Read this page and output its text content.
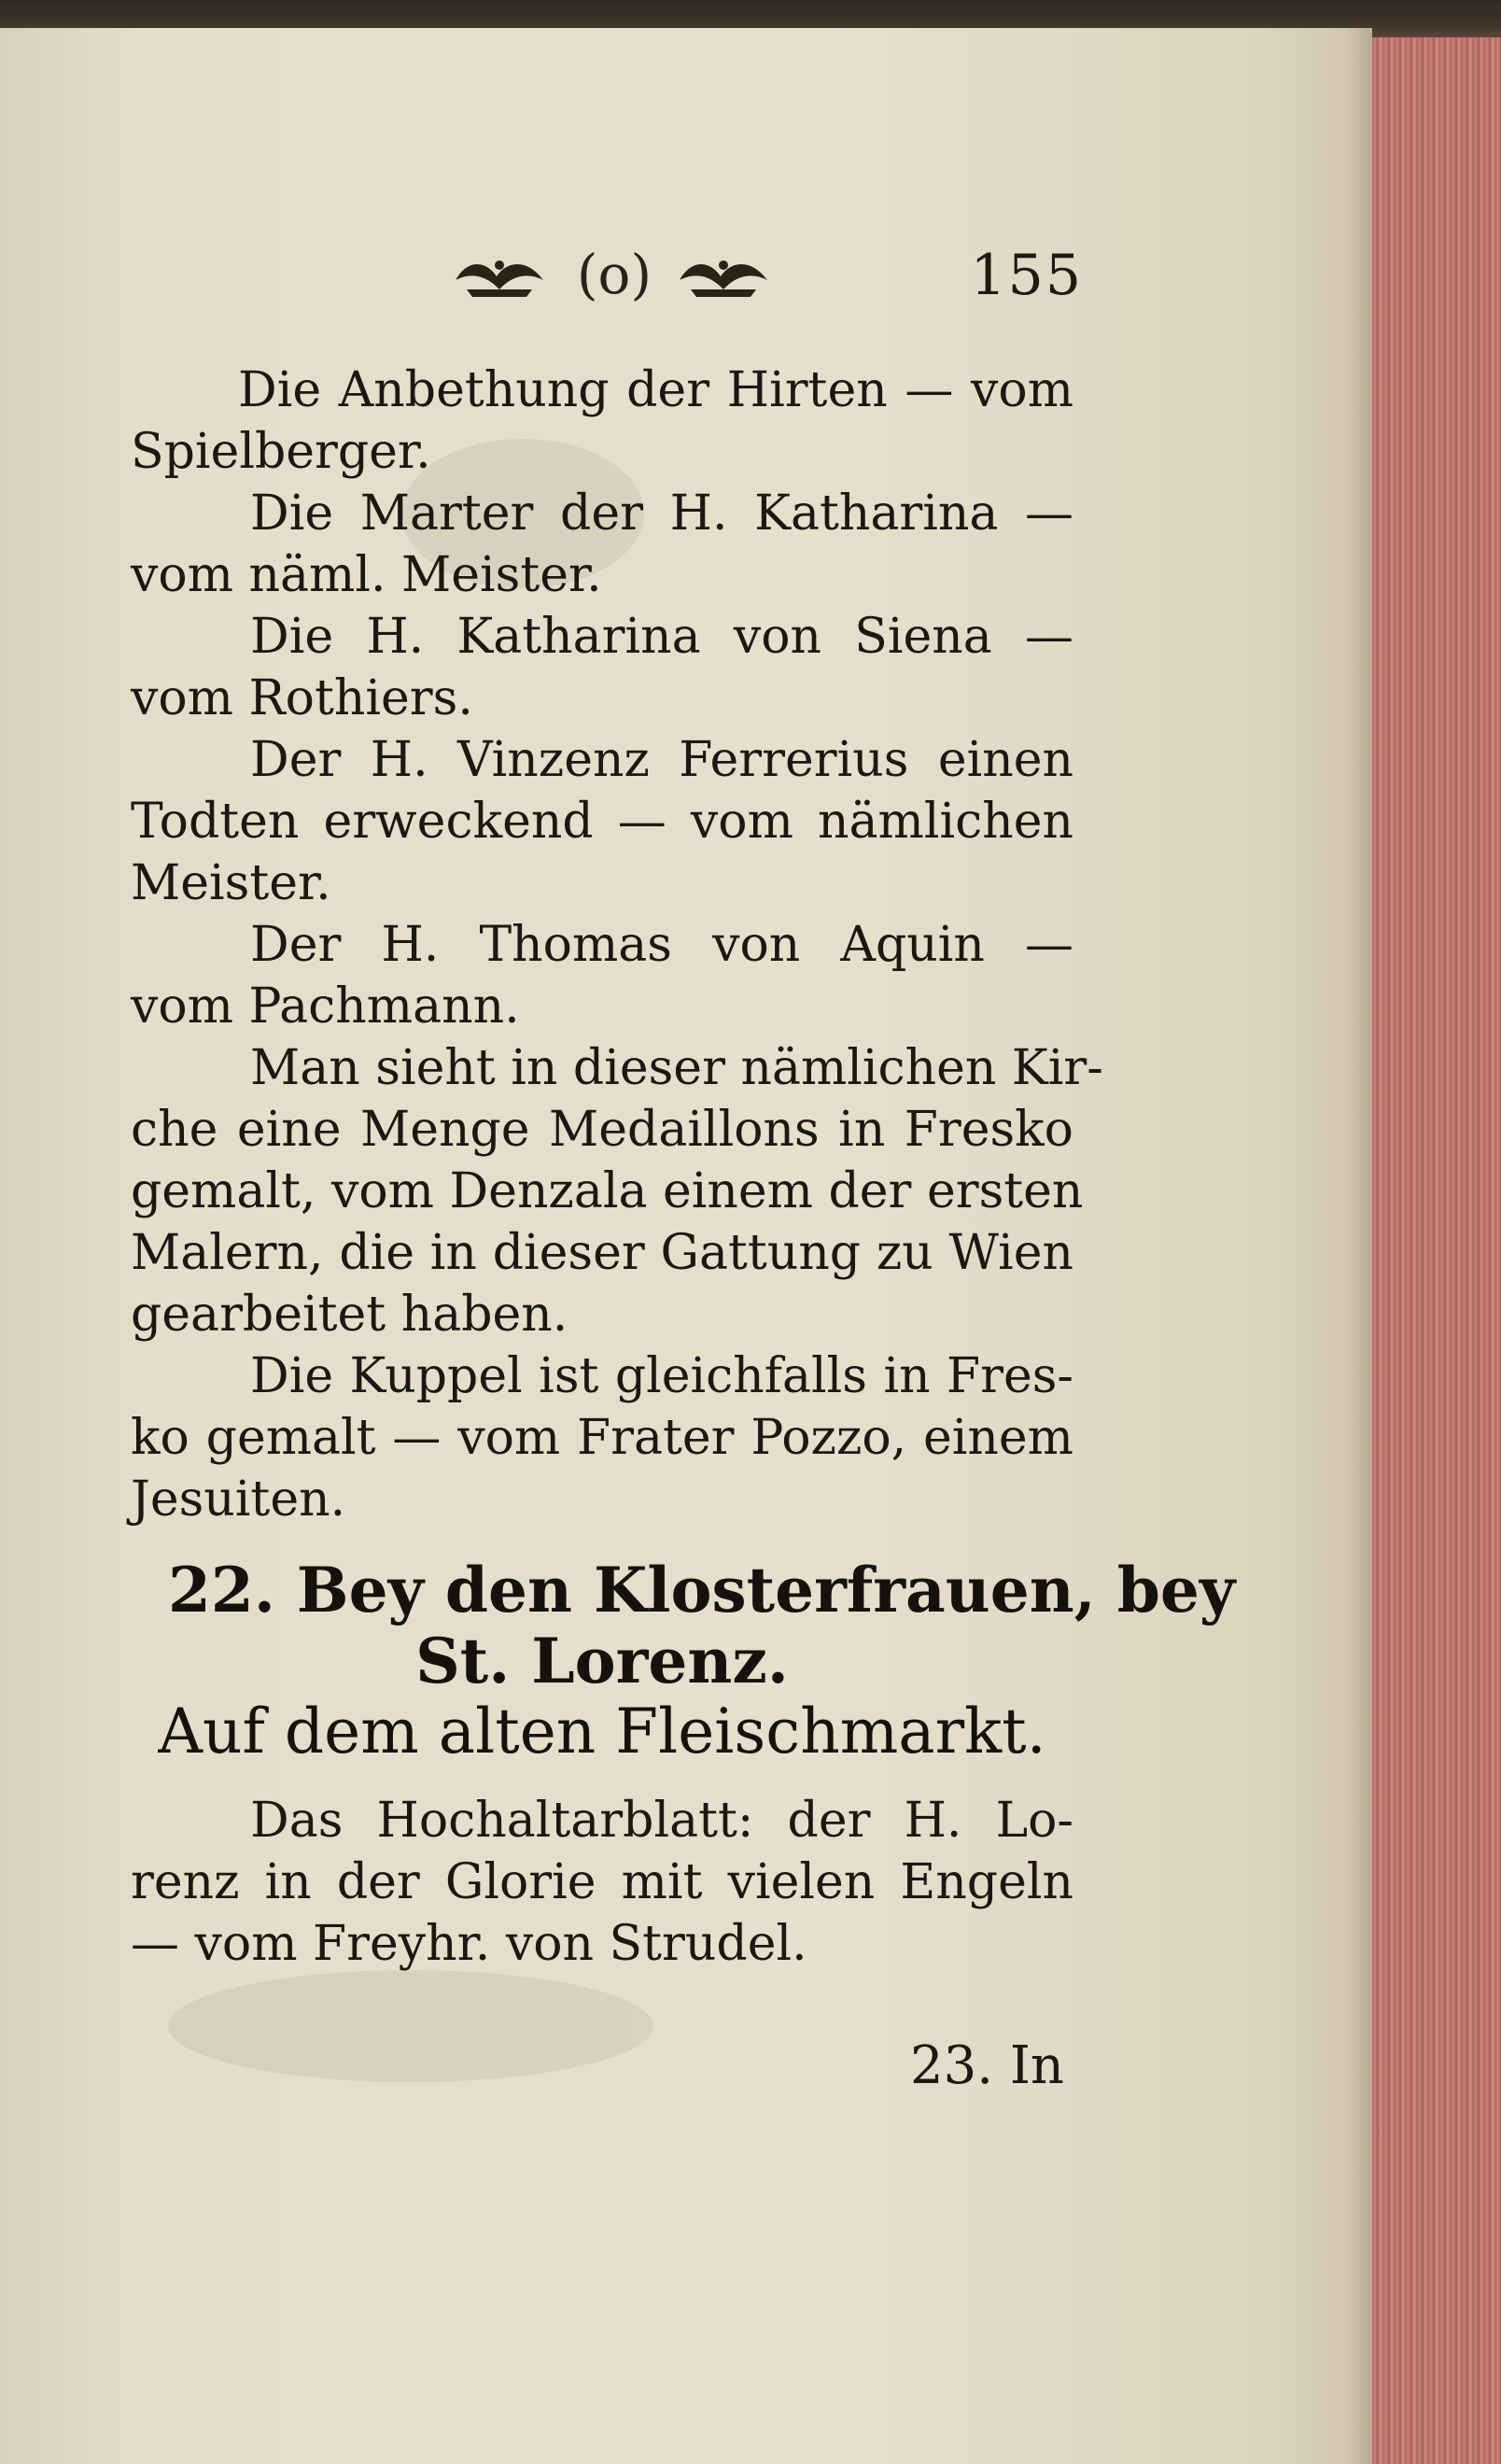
(o)	155
Die Anbethung der Hirten — vom
Spielberger.
Die Marter der H. Katharina —
vom näml. Meister.
Die H. Katharina von Siena —
vom Rothiers.
Der H. Vinzenz Ferrerius einen
Todten erweckend — vom nämlichen
Meister.
Der H. Thomas von Aquin —
vom Pachmann.
Man sieht in dieser nämlichen Kir-
che eine Menge Medaillons in Fresko
gemalt, vom Denzala einem der ersten
Malern, die in dieser Gattung zu Wien
gearbeitet haben.
Die Kuppel ist gleichfalls in Fres-
ko gemalt — vom Frater Pozzo, einem
Jesuiten.
22. Bey den Klosterfrauen, bey
St. Lorenz.
Auf dem alten Fleischmarkt.
Das Hochaltarblatt: der H. Lo-
renz in der Glorie mit vielen Engeln
— vom Freyhr. von Strudel.
23. In
